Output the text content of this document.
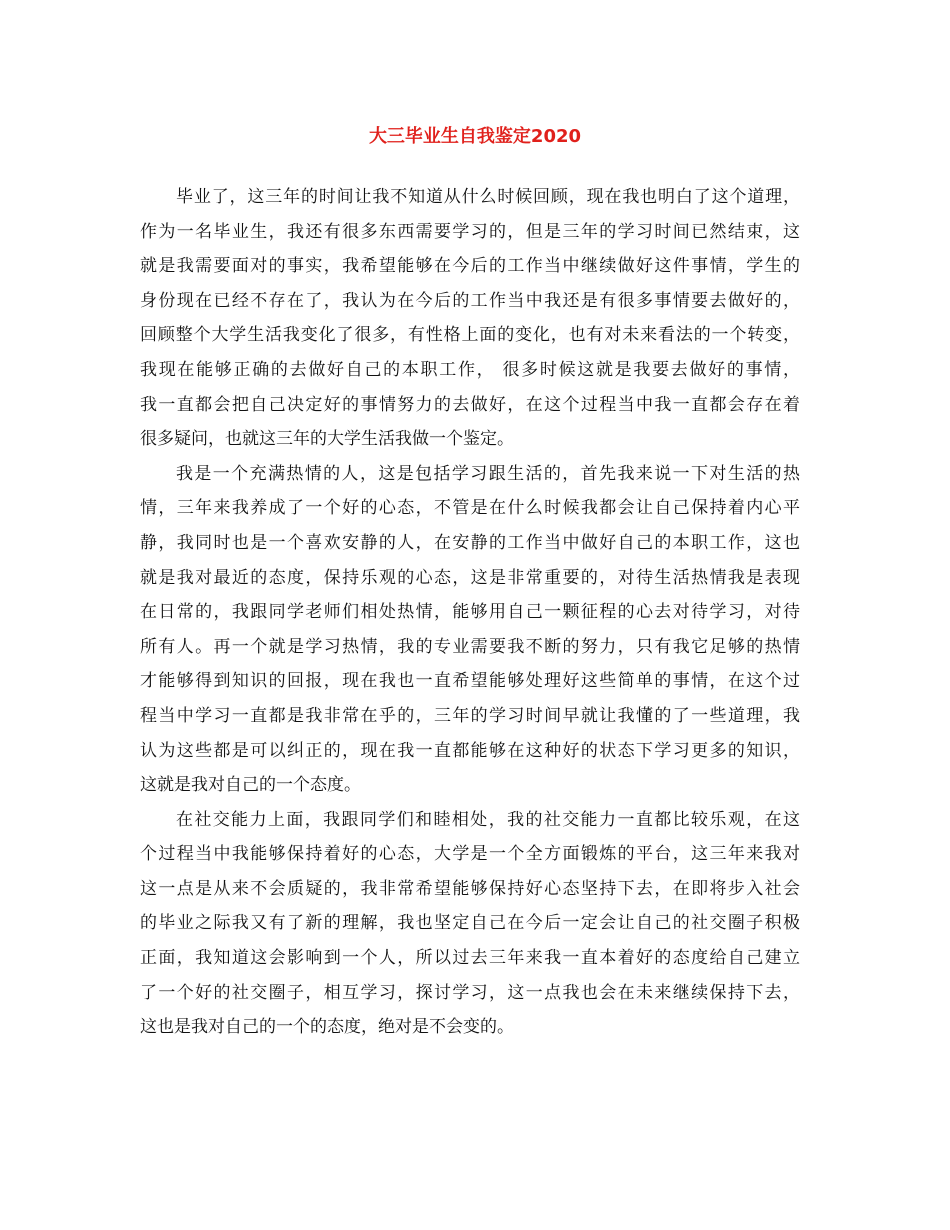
大三毕业生自我鉴定2020
毕业了，这三年的时间让我不知道从什么时候回顾，现在我也明白了这个道理，
作为一名毕业生，我还有很多东西需要学习的，但是三年的学习时间已然结束，这
就是我需要面对的事实，我希望能够在今后的工作当中继续做好这件事情，学生的
身份现在已经不存在了，我认为在今后的工作当中我还是有很多事情要去做好的，
回顾整个大学生活我变化了很多，有性格上面的变化，也有对未来看法的一个转变，
我现在能够正确的去做好自己的本职工作， 很多时候这就是我要去做好的事情，
我一直都会把自己决定好的事情努力的去做好，在这个过程当中我一直都会存在着
很多疑问，也就这三年的大学生活我做一个鉴定。
我是一个充满热情的人，这是包括学习跟生活的，首先我来说一下对生活的热
情，三年来我养成了一个好的心态，不管是在什么时候我都会让自己保持着内心平
静，我同时也是一个喜欢安静的人，在安静的工作当中做好自己的本职工作，这也
就是我对最近的态度，保持乐观的心态，这是非常重要的，对待生活热情我是表现
在日常的，我跟同学老师们相处热情，能够用自己一颗征程的心去对待学习，对待
所有人。再一个就是学习热情，我的专业需要我不断的努力，只有我它足够的热情
才能够得到知识的回报，现在我也一直希望能够处理好这些简单的事情，在这个过
程当中学习一直都是我非常在乎的，三年的学习时间早就让我懂的了一些道理，我
认为这些都是可以纠正的，现在我一直都能够在这种好的状态下学习更多的知识，
这就是我对自己的一个态度。
在社交能力上面，我跟同学们和睦相处，我的社交能力一直都比较乐观，在这
个过程当中我能够保持着好的心态，大学是一个全方面锻炼的平台，这三年来我对
这一点是从来不会质疑的，我非常希望能够保持好心态坚持下去，在即将步入社会
的毕业之际我又有了新的理解，我也坚定自己在今后一定会让自己的社交圈子积极
正面，我知道这会影响到一个人，所以过去三年来我一直本着好的态度给自己建立
了一个好的社交圈子，相互学习，探讨学习，这一点我也会在未来继续保持下去，
这也是我对自己的一个的态度，绝对是不会变的。
